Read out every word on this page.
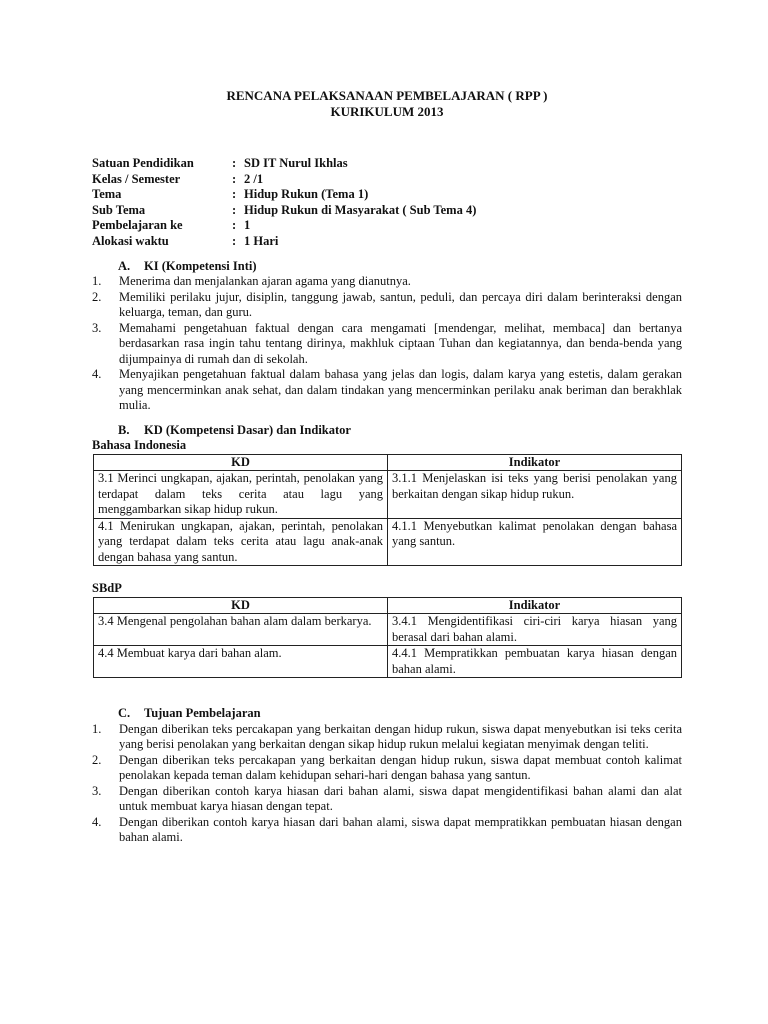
RENCANA PELAKSANAAN PEMBELAJARAN ( RPP )
KURIKULUM 2013
Satuan Pendidikan	: SD IT Nurul Ikhlas
Kelas / Semester	: 2 /1
Tema	: Hidup Rukun (Tema 1)
Sub Tema	: Hidup Rukun di Masyarakat ( Sub Tema 4)
Pembelajaran ke	: 1
Alokasi waktu	: 1 Hari
A.	KI (Kompetensi Inti)
1.	Menerima dan menjalankan ajaran agama yang dianutnya.
2.	Memiliki perilaku jujur, disiplin, tanggung jawab, santun, peduli, dan percaya diri dalam berinteraksi dengan keluarga, teman, dan guru.
3.	Memahami pengetahuan faktual dengan cara mengamati [mendengar, melihat, membaca] dan bertanya berdasarkan rasa ingin tahu tentang dirinya, makhluk ciptaan Tuhan dan kegiatannya, dan benda-benda yang dijumpainya di rumah dan di sekolah.
4.	Menyajikan pengetahuan faktual dalam bahasa yang jelas dan logis, dalam karya yang estetis, dalam gerakan yang mencerminkan anak sehat, dan dalam tindakan yang mencerminkan perilaku anak beriman dan berakhlak mulia.
B.	KD (Kompetensi Dasar) dan Indikator
Bahasa Indonesia
KD	Indikator
3.1 Merinci ungkapan, ajakan, perintah, penolakan yang terdapat dalam teks cerita atau lagu yang menggambarkan sikap hidup rukun.	3.1.1 Menjelaskan isi teks yang berisi penolakan yang berkaitan dengan sikap hidup rukun.
4.1 Menirukan ungkapan, ajakan, perintah, penolakan yang terdapat dalam teks cerita atau lagu anak-anak dengan bahasa yang santun.	4.1.1 Menyebutkan kalimat penolakan dengan bahasa yang santun.
SBdP
KD	Indikator
3.4 Mengenal pengolahan bahan alam dalam berkarya.	3.4.1 Mengidentifikasi ciri-ciri karya hiasan yang berasal dari bahan alami.
4.4 Membuat karya dari bahan alam.	4.4.1 Mempratikkan pembuatan karya hiasan dengan bahan alami.
C.	Tujuan Pembelajaran
1.	Dengan diberikan teks percakapan yang berkaitan dengan hidup rukun, siswa dapat menyebutkan isi teks cerita yang berisi penolakan yang berkaitan dengan sikap hidup rukun melalui kegiatan menyimak dengan teliti.
2.	Dengan diberikan teks percakapan yang berkaitan dengan hidup rukun, siswa dapat membuat contoh kalimat penolakan kepada teman dalam kehidupan sehari-hari dengan bahasa yang santun.
3.	Dengan diberikan contoh karya hiasan dari bahan alami, siswa dapat mengidentifikasi bahan alami dan alat untuk membuat karya hiasan dengan tepat.
4.	Dengan diberikan contoh karya hiasan dari bahan alami, siswa dapat mempratikkan pembuatan hiasan dengan bahan alami.
